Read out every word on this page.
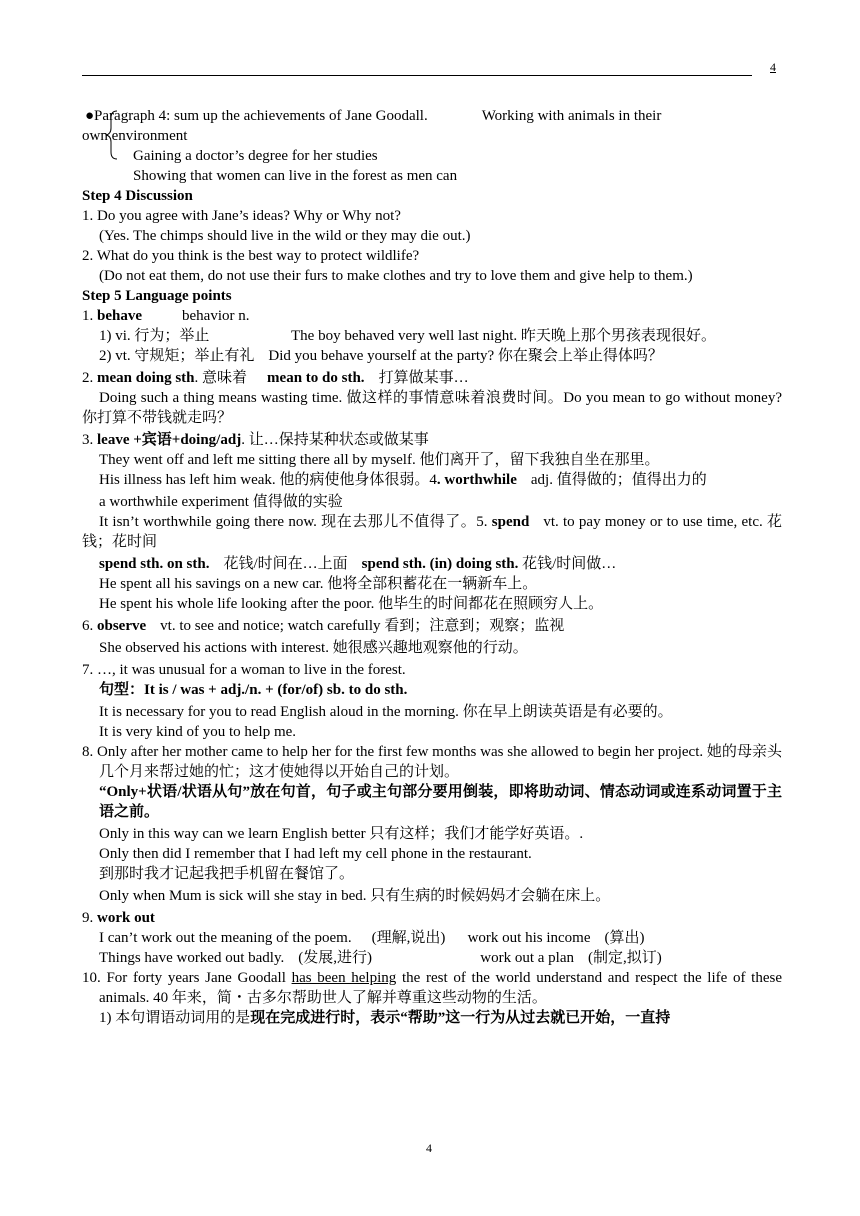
4
●Paragraph 4: sum up the achievements of Jane Goodall.	Working with animals in their
own environment
Gaining a doctor’s degree for her studies
Showing that women can live in the forest as men can
Step 4 Discussion
1. Do you agree with Jane’s ideas? Why or Why not?
(Yes. The chimps should live in the wild or they may die out.)
2. What do you think is the best way to protect wildlife?
(Do not eat them, do not use their furs to make clothes and try to love them and give help to them.)
Step 5 Language points
1. behave	behavior n.
1) vi. 行为；举止	The boy behaved very well last night. 昨天晚上那个男孩表现很好。
2) vt. 守规矩；举止有礼 Did you behave yourself at the party? 你在聚会上举止得体吗？
2. mean doing sth. 意味着 mean to do sth. 打算做某事…
Doing such a thing means wasting time. 做这样的事情意味着浪费时间。Do you mean to go without money? 你打算不带钱就走吗？
3. leave +宾语+doing/adj. 让…保持某种状态或做某事
They went off and left me sitting there all by myself. 他们离开了，留下我独自坐在那里。
His illness has left him weak. 他的病使他身体很弱。4. worthwhile adj. 值得做的；值得出力的
a worthwhile experiment 值得做的实验
It isn’t worthwhile going there now. 现在去那儿不值得了。5. spend vt. to pay money or to use time, etc. 花钱；花时间
spend sth. on sth. 花钱/时间在…上面 spend sth. (in) doing sth. 花钱/时间做…
He spent all his savings on a new car. 他将全部积蓄花在一辆新车上。
He spent his whole life looking after the poor. 他毕生的时间都花在照顾穷人上。
6. observe vt. to see and notice; watch carefully 看到；注意到；观察；监视
She observed his actions with interest. 她很感兴趣地观察他的行动。
7. …, it was unusual for a woman to live in the forest.
句型：It is / was + adj./n. + (for/of) sb. to do sth.
It is necessary for you to read English aloud in the morning. 你在早上朗读英语是有必要的。
It is very kind of you to help me.
8. Only after her mother came to help her for the first few months was she allowed to begin her project. 她的母亲头几个月来帮过她的忙；这才使她得以开始自己的计划。
“Only+状语/状语从句”放在句首，句子或主句部分要用倒装，即将助动词、情态动词或连系动词置于主语之前。
Only in this way can we learn English better 只有这样；我们才能学好英语。.
Only then did I remember that I had left my cell phone in the restaurant.
到那时我才记起我把手机留在餐馆了。
Only when Mum is sick will she stay in bed. 只有生病的时候妈妈才会躺在床上。
9. work out
I can’t work out the meaning of the poem. (理解,说出) work out his income (算出)
Things have worked out badly. (发展,进行)	work out a plan (制定,拟订)
10. For forty years Jane Goodall has been helping the rest of the world understand and respect the life of these animals. 40 年来，简・古多尔帮助世人了解并尊重这些动物的生活。
1) 本句谓语动词用的是现在完成进行时，表示“帮助”这一行为从过去就已开始，一直持
4
